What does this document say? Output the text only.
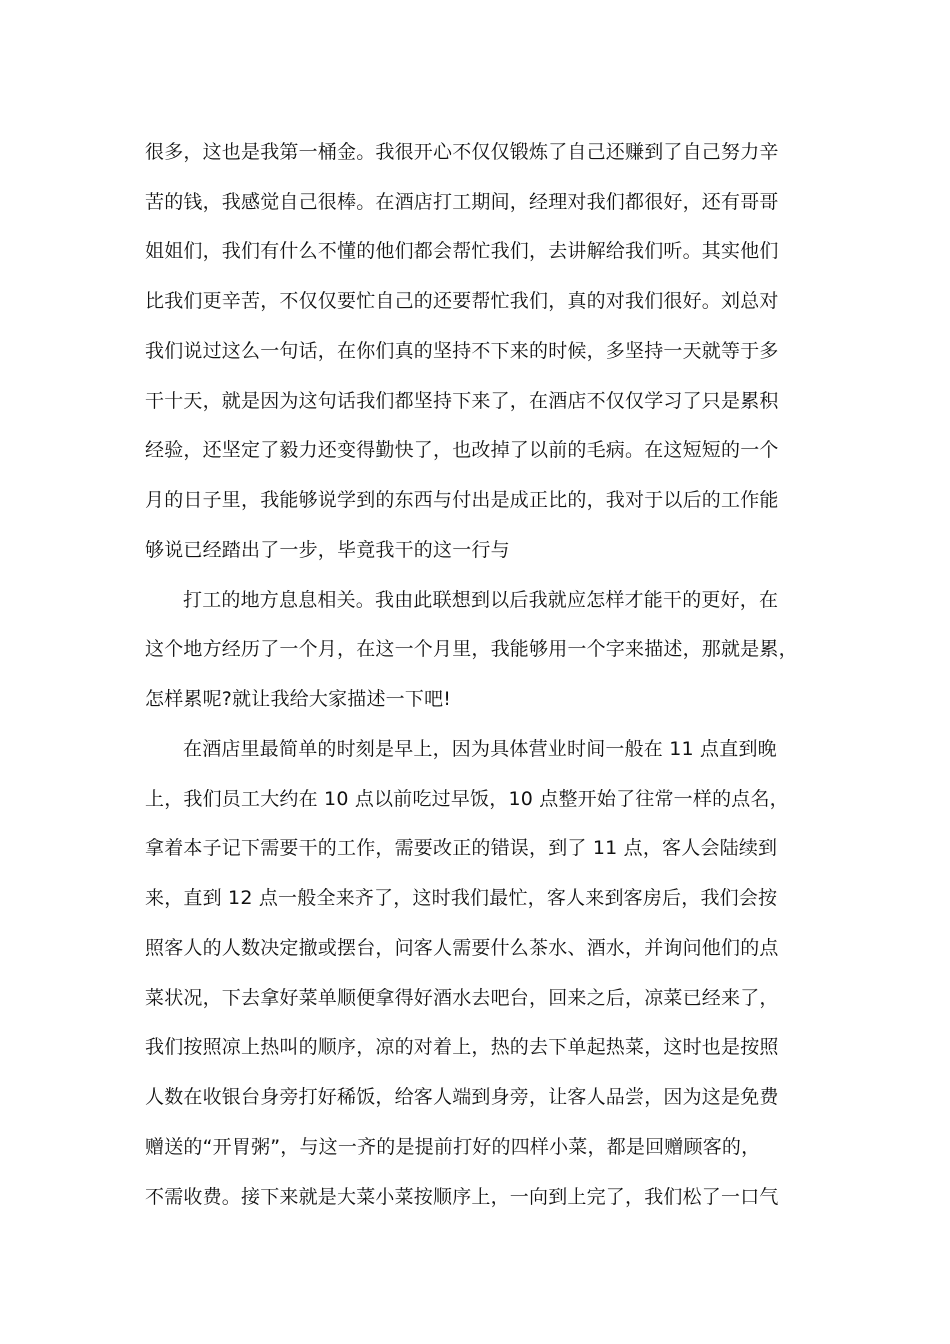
很多，这也是我第一桶金。我很开心不仅仅锻炼了自己还赚到了自己努力辛
苦的钱，我感觉自己很棒。在酒店打工期间，经理对我们都很好，还有哥哥
姐姐们，我们有什么不懂的他们都会帮忙我们，去讲解给我们听。其实他们
比我们更辛苦，不仅仅要忙自己的还要帮忙我们，真的对我们很好。刘总对
我们说过这么一句话，在你们真的坚持不下来的时候，多坚持一天就等于多
干十天，就是因为这句话我们都坚持下来了，在酒店不仅仅学习了只是累积
经验，还坚定了毅力还变得勤快了，也改掉了以前的毛病。在这短短的一个
月的日子里，我能够说学到的东西与付出是成正比的，我对于以后的工作能
够说已经踏出了一步，毕竟我干的这一行与
打工的地方息息相关。我由此联想到以后我就应怎样才能干的更好，在
这个地方经历了一个月，在这一个月里，我能够用一个字来描述，那就是累，
怎样累呢?就让我给大家描述一下吧!
在酒店里最简单的时刻是早上，因为具体营业时间一般在 11 点直到晚
上，我们员工大约在 10 点以前吃过早饭，10 点整开始了往常一样的点名，
拿着本子记下需要干的工作，需要改正的错误，到了 11 点，客人会陆续到
来，直到 12 点一般全来齐了，这时我们最忙，客人来到客房后，我们会按
照客人的人数决定撤或摆台，问客人需要什么茶水、酒水，并询问他们的点
菜状况，下去拿好菜单顺便拿得好酒水去吧台，回来之后，凉菜已经来了，
我们按照凉上热叫的顺序，凉的对着上，热的去下单起热菜，这时也是按照
人数在收银台身旁打好稀饭，给客人端到身旁，让客人品尝，因为这是免费
赠送的“开胃粥”，与这一齐的是提前打好的四样小菜，都是回赠顾客的，
不需收费。接下来就是大菜小菜按顺序上，一向到上完了，我们松了一口气
